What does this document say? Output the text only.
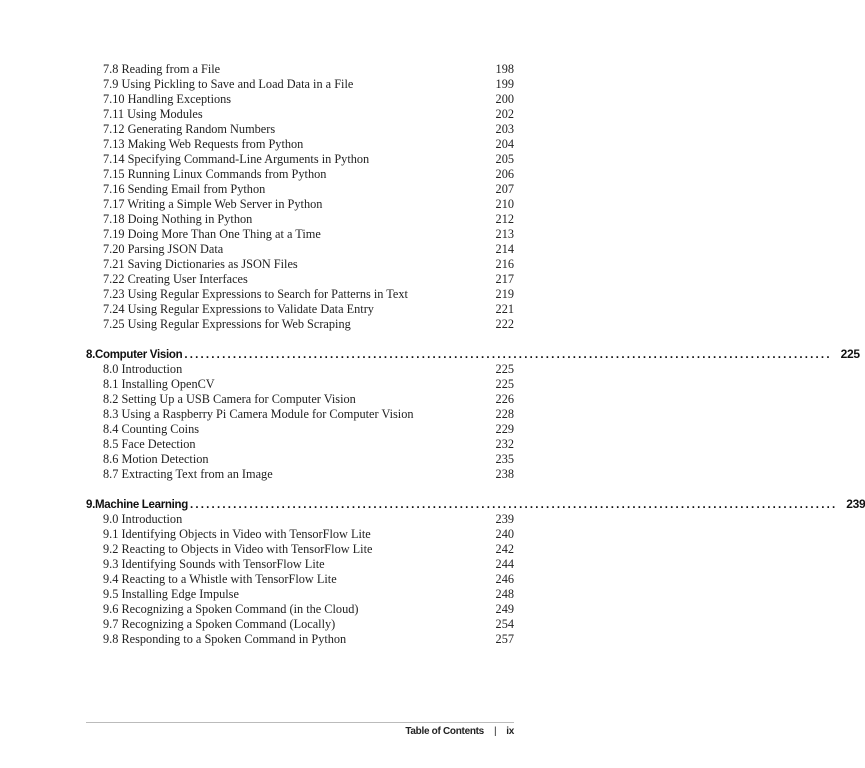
7.8 Reading from a File	198
7.9 Using Pickling to Save and Load Data in a File	199
7.10 Handling Exceptions	200
7.11 Using Modules	202
7.12 Generating Random Numbers	203
7.13 Making Web Requests from Python	204
7.14 Specifying Command-Line Arguments in Python	205
7.15 Running Linux Commands from Python	206
7.16 Sending Email from Python	207
7.17 Writing a Simple Web Server in Python	210
7.18 Doing Nothing in Python	212
7.19 Doing More Than One Thing at a Time	213
7.20 Parsing JSON Data	214
7.21 Saving Dictionaries as JSON Files	216
7.22 Creating User Interfaces	217
7.23 Using Regular Expressions to Search for Patterns in Text	219
7.24 Using Regular Expressions to Validate Data Entry	221
7.25 Using Regular Expressions for Web Scraping	222
8. Computer Vision ........................................................................................................................ 225
8.0 Introduction	225
8.1 Installing OpenCV	225
8.2 Setting Up a USB Camera for Computer Vision	226
8.3 Using a Raspberry Pi Camera Module for Computer Vision	228
8.4 Counting Coins	229
8.5 Face Detection	232
8.6 Motion Detection	235
8.7 Extracting Text from an Image	238
9. Machine Learning ........................................................................................................................ 239
9.0 Introduction	239
9.1 Identifying Objects in Video with TensorFlow Lite	240
9.2 Reacting to Objects in Video with TensorFlow Lite	242
9.3 Identifying Sounds with TensorFlow Lite	244
9.4 Reacting to a Whistle with TensorFlow Lite	246
9.5 Installing Edge Impulse	248
9.6 Recognizing a Spoken Command (in the Cloud)	249
9.7 Recognizing a Spoken Command (Locally)	254
9.8 Responding to a Spoken Command in Python	257
Table of Contents | ix
